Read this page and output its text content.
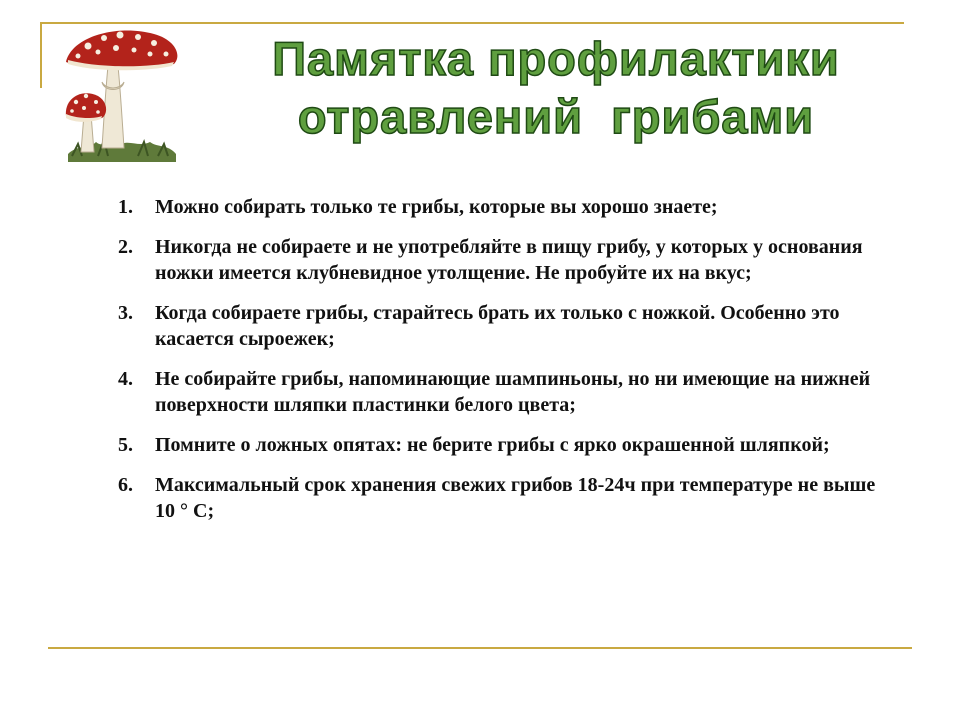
Памятка профилактики
отравлений  грибами
1.	Можно собирать только те грибы, которые вы хорошо знаете;
2.	Никогда не собираете и не употребляйте в пищу грибу, у которых у основания ножки имеется клубневидное утолщение. Не пробуйте их на вкус;
3.	Когда собираете грибы, старайтесь брать их только с ножкой. Особенно это касается сыроежек;
4.	Не собирайте грибы, напоминающие шампиньоны, но ни имеющие на нижней поверхности шляпки пластинки белого цвета;
5.	Помните о ложных опятах: не берите грибы с ярко окрашенной шляпкой;
6.	Максимальный срок хранения свежих грибов 18-24ч при температуре не выше 10 ° С;
